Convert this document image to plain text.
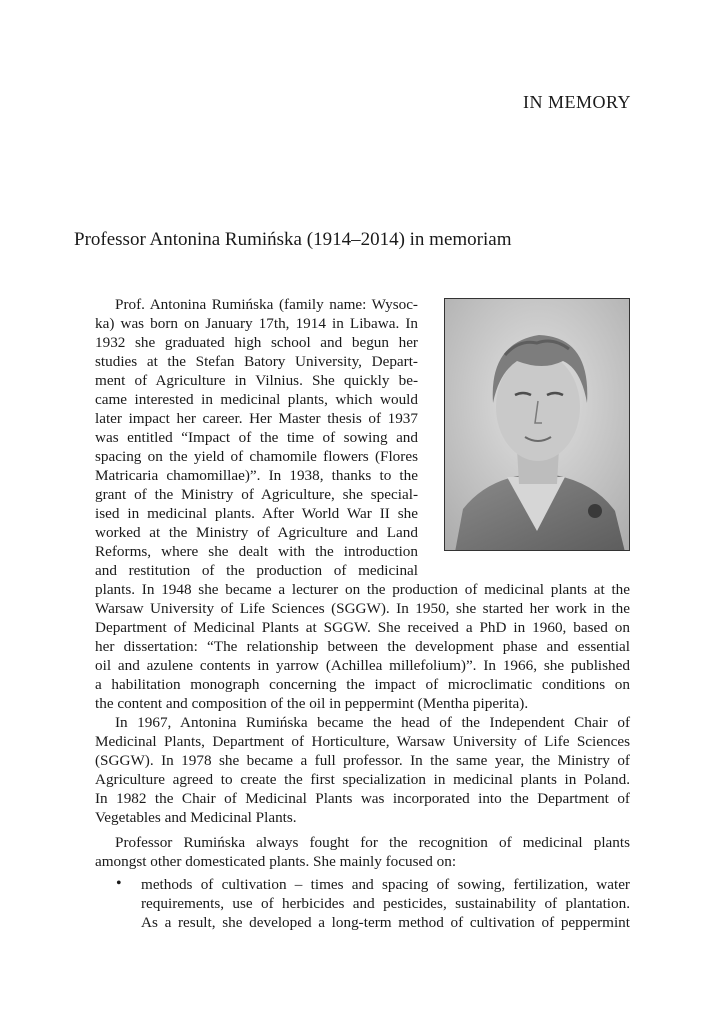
IN MEMORY
Professor Antonina Rumińska (1914–2014) in memoriam
Prof. Antonina Rumińska (family name: Wysoc-
ka) was born on January 17th, 1914 in Libawa. In
1932 she graduated high school and begun her
studies at the Stefan Batory University, Depart-
ment of Agriculture in Vilnius. She quickly be-
came interested in medicinal plants, which would
later impact her career. Her Master thesis of 1937
was entitled “Impact of the time of sowing and
spacing on the yield of chamomile flowers (Flores
Matricaria chamomillae)”. In 1938, thanks to the
grant of the Ministry of Agriculture, she special-
ised in medicinal plants. After World War II she
worked at the Ministry of Agriculture and Land
Reforms, where she dealt with the introduction
and restitution of the production of medicinal
plants. In 1948 she became a lecturer on the production of medicinal plants at the
Warsaw University of Life Sciences (SGGW). In 1950, she started her work in the
Department of Medicinal Plants at SGGW. She received a PhD in 1960, based on
her dissertation: “The relationship between the development phase and essential
oil and azulene contents in yarrow (Achillea millefolium)”. In 1966, she published
a habilitation monograph concerning the impact of microclimatic conditions on
the content and composition of the oil in peppermint (Mentha piperita).
In 1967, Antonina Rumińska became the head of the Independent Chair of
Medicinal Plants, Department of Horticulture, Warsaw University of Life Sciences
(SGGW). In 1978 she became a full professor. In the same year, the Ministry of
Agriculture agreed to create the first specialization in medicinal plants in Poland.
In 1982 the Chair of Medicinal Plants was incorporated into the Department of
Vegetables and Medicinal Plants.
Professor Rumińska always fought for the recognition of medicinal plants
amongst other domesticated plants. She mainly focused on:
• methods of cultivation – times and spacing of sowing, fertilization, water
requirements, use of herbicides and pesticides, sustainability of plantation.
As a result, she developed a long-term method of cultivation of peppermint
